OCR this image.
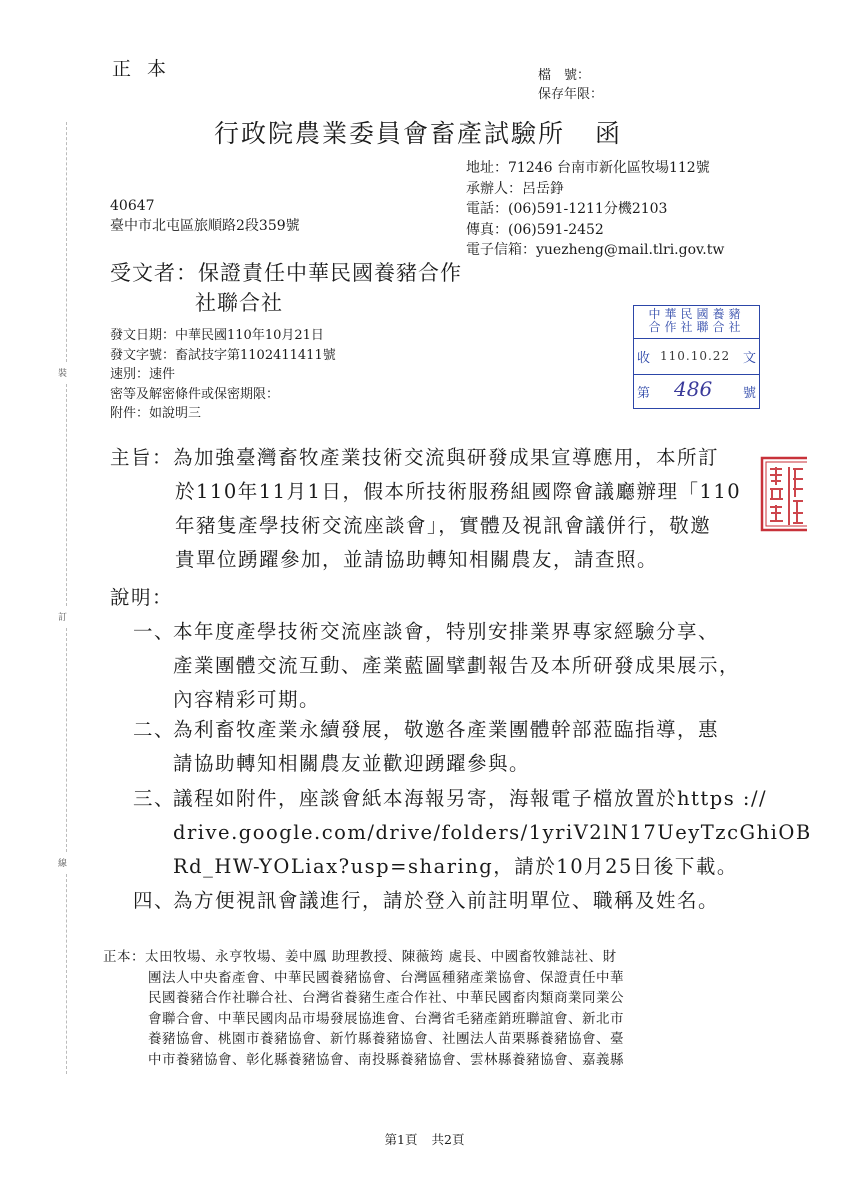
正本	檔　號：
保存年限：
行政院農業委員會畜產試驗所 函
地址：71246 台南市新化區牧場112號
承辦人：呂岳錚
電話：(06)591-1211分機2103
傳真：(06)591-2452
電子信箱：yuezheng@mail.tlri.gov.tw
40647
臺中市北屯區旅順路2段359號
受文者：保證責任中華民國養豬合作
社聯合社
發文日期：中華民國110年10月21日
發文字號：畜試技字第1102411411號
速別：速件
密等及解密條件或保密期限：
附件：如說明三
中華民國養豬
合作社聯合社
收 110.10.22 文
第 486 號
主旨：為加強臺灣畜牧產業技術交流與研發成果宣導應用，本所訂
於110年11月1日，假本所技術服務組國際會議廳辦理「110
年豬隻產學技術交流座談會」，實體及視訊會議併行，敬邀
貴單位踴躍參加，並請協助轉知相關農友，請查照。
說明：
一、本年度產學技術交流座談會，特別安排業界專家經驗分享、
產業團體交流互動、產業藍圖擘劃報告及本所研發成果展示，
內容精彩可期。
二、為利畜牧產業永續發展，敬邀各產業團體幹部蒞臨指導，惠
請協助轉知相關農友並歡迎踴躍參與。
三、議程如附件，座談會紙本海報另寄，海報電子檔放置於https ://
drive.google.com/drive/folders/1yriV2lN17UeyTzcGhiOB
Rd_HW-YOLiax?usp=sharing，請於10月25日後下載。
四、為方便視訊會議進行，請於登入前註明單位、職稱及姓名。
正本：太田牧場、永亨牧場、姜中鳳 助理教授、陳薇筠 處長、中國畜牧雜誌社、財
團法人中央畜產會、中華民國養豬協會、台灣區種豬產業協會、保證責任中華
民國養豬合作社聯合社、台灣省養豬生產合作社、中華民國畜肉類商業同業公
會聯合會、中華民國肉品市場發展協進會、台灣省毛豬產銷班聯誼會、新北市
養豬協會、桃園市養豬協會、新竹縣養豬協會、社團法人苗栗縣養豬協會、臺
中市養豬協會、彰化縣養豬協會、南投縣養豬協會、雲林縣養豬協會、嘉義縣
第1頁 共2頁
裝
訂
線
